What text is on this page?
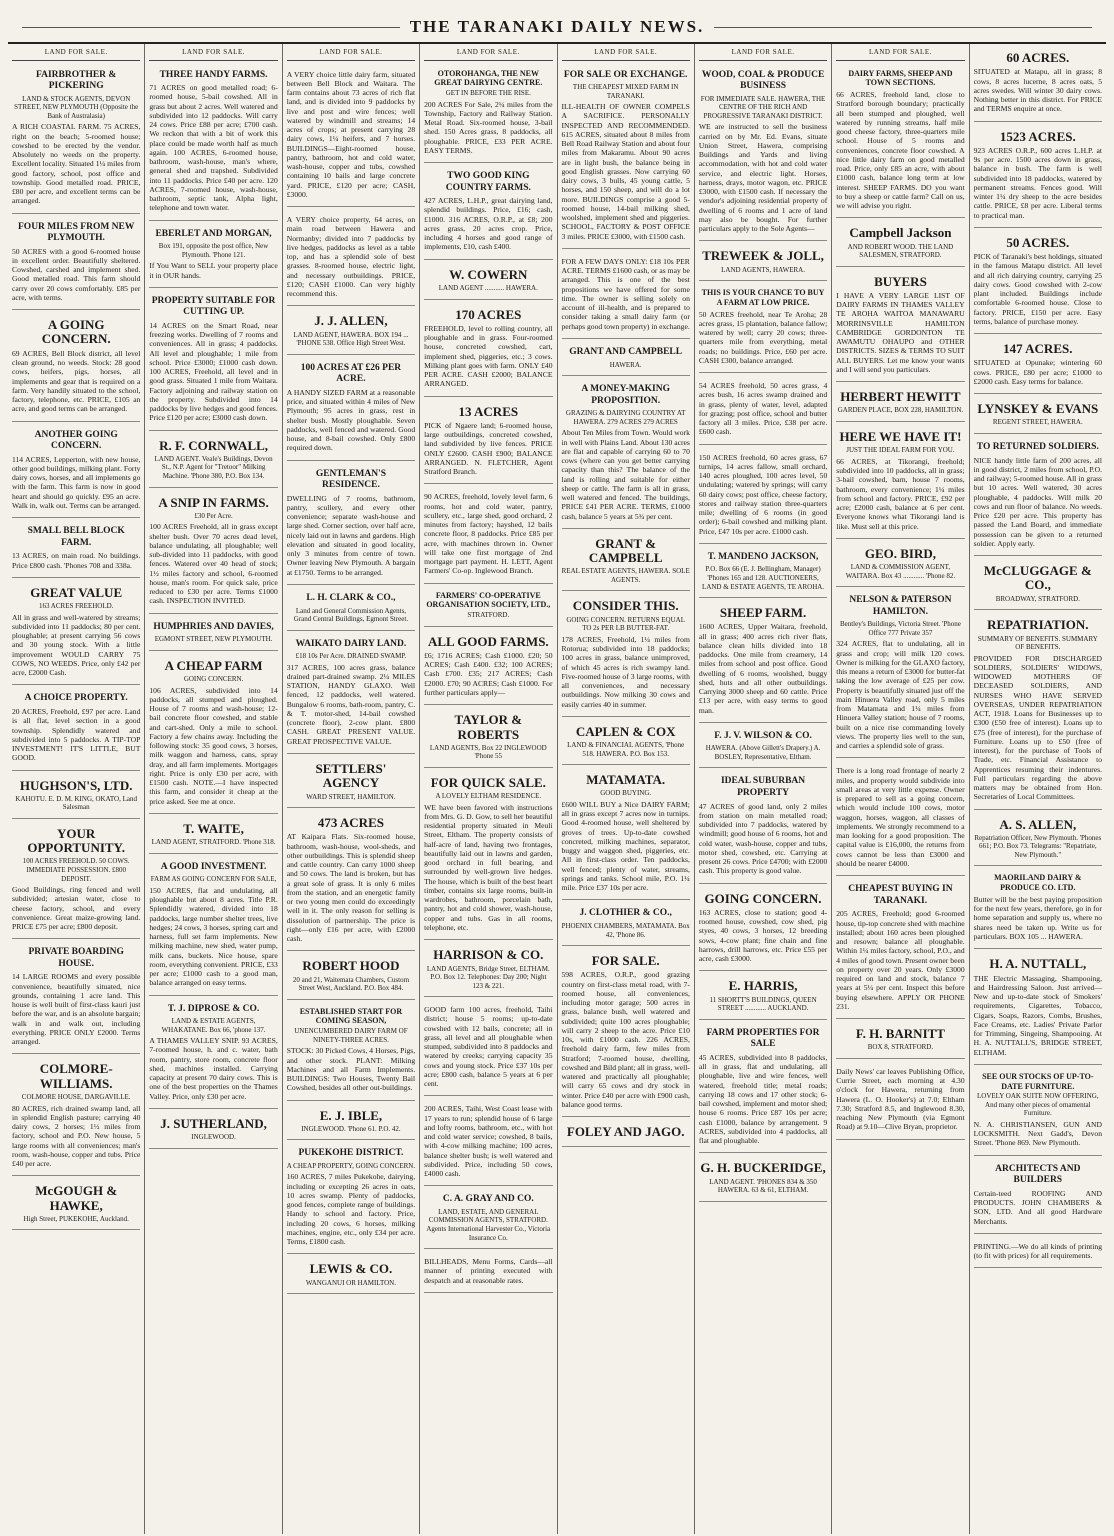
THE TARANAKI DAILY NEWS.
LAND FOR SALE.
FAIRBROTHER & PICKERING
LAND & STOCK AGENTS, DEVON STREET, NEW PLYMOUTH (Opposite the Bank of Australasia)
A RICH COASTAL FARM. 75 ACRES, right on the beach; 5-roomed house; cowshed to be erected by the vendor. Absolutely no weeds on the property. Excellent locality. Situated 1¼ miles from good factory, school, post office and township. Good metalled road. PRICE, £80 per acre, and excellent terms can be arranged.
FOUR MILES FROM NEW PLYMOUTH.
50 ACRES with a good 6-roomed house in excellent order. Beautifully sheltered. Cowshed, carshed and implement shed. Good metalled road. This farm should carry over 20 cows comfortably. £85 per acre, with terms.
A GOING CONCERN.
69 ACRES, Bell Block district, all level clean ground, no weeds. Stock: 28 good cows, heifers, pigs, horses, all implements and gear that is required on a farm. Very handily situated to the school, factory, telephone, etc. PRICE, £105 an acre, and good terms can be arranged.
ANOTHER GOING CONCERN.
114 ACRES, Lepperton, with new house, other good buildings, milking plant. Forty dairy cows, horses, and all implements go with the farm. This farm is now in good heart and should go quickly. £95 an acre. Walk in, walk out. Terms can be arranged.
SMALL BELL BLOCK FARM.
13 ACRES, on main road. No buildings. Price £800 cash. 'Phones 708 and 338a.
GREAT VALUE
163 ACRES FREEHOLD.
All in grass and well-watered by streams; subdivided into 11 paddocks; 80 per cent. ploughable; at present carrying 56 cows and 30 young stock. With a little improvement WOULD CARRY 75 COWS, NO WEEDS. Price, only £42 per acre, £2000 Cash.
A CHOICE PROPERTY.
20 ACRES, Freehold, £97 per acre. Land is all flat, level section in a good township. Splendidly watered and subdivided into 5 paddocks. A TIP-TOP INVESTMENT! IT'S LITTLE, BUT GOOD.
HUGHSON'S, LTD.
KAHOTU. E. D. M. KING, OKATO, Land Salesman
YOUR OPPORTUNITY.
100 ACRES FREEHOLD. 50 COWS. IMMEDIATE POSSESSION. £800 DEPOSIT.
Good Buildings, ring fenced and well subdivided; artesian water, close to cheese factory, school, and every convenience. Great maize-growing land. PRICE £75 per acre; £800 deposit.
PRIVATE BOARDING HOUSE.
14 LARGE ROOMS and every possible convenience, beautifully situated, nice grounds, containing 1 acre land. This house is well built of first-class kauri just before the war, and is an absolute bargain; walk in and walk out, including everything. PRICE ONLY £2000. Terms arranged.
COLMORE-WILLIAMS.
COLMORE HOUSE, DARGAVILLE.
80 ACRES, rich drained swamp land, all in splendid English pasture; carrying 40 dairy cows, 2 horses; 1½ miles from factory, school and P.O. New house, 5 large rooms with all conveniences; man's room, wash-house, copper and tubs. Price £40 per acre.
McGOUGH & HAWKE,
High Street, PUKEKOHE, Auckland.
LAND FOR SALE.
THREE HANDY FARMS.
71 ACRES on good metalled road; 6-roomed house, 5-bail cowshed. All in grass but about 2 acres. Well watered and subdivided into 12 paddocks. Will carry 24 cows. Price £88 per acre; £700 cash. We reckon that with a bit of work this place could be made worth half as much again. 100 ACRES, 6-roomed house, bathroom, wash-house, man's where, general shed and trapshed. Subdivided into 11 paddocks. Price £40 per acre. 120 ACRES, 7-roomed house, wash-house, bathroom, septic tank, Alpha light, telephone and town water.
EBERLET AND MORGAN,
Box 191, opposite the post office, New Plymouth. 'Phone 121.
If You Want to SELL your property place it in OUR hands.
PROPERTY SUITABLE FOR CUTTING UP.
14 ACRES on the Smart Road, near freezing works. Dwelling of 7 rooms and conveniences. All in grass; 4 paddocks. All level and ploughable; 1 mile from school. Price £3000; £1000 cash down. 100 ACRES, Freehold, all level and in good grass. Situated 1 mile from Waitara. Factory adjoining and railway station on the property. Subdivided into 14 paddocks by live hedges and good fences. Price £120 per acre; £3000 cash down.
R. F. CORNWALL,
LAND AGENT. Veale's Buildings, Devon St., N.P. Agent for "Tretoor" Milking Machine. 'Phone 380, P.O. Box 134.
A SNIP IN FARMS.
£30 Per Acre.
100 ACRES Freehold, all in grass except shelter bush. Over 70 acres dead level, balance undulating, all ploughable; well sub-divided into 11 paddocks, with good fences. Watered over 40 head of stock; 1½ miles factory and school, 6-roomed house, man's room. For quick sale, price reduced to £30 per acre. Terms £1000 cash. INSPECTION INVITED.
HUMPHRIES AND DAVIES,
EGMONT STREET, NEW PLYMOUTH.
A CHEAP FARM
GOING CONCERN.
106 ACRES, subdivided into 14 paddocks, all stumped and ploughed. House of 7 rooms and wash-house; 12-bail concrete floor cowshed, and stable and cart-shed. Only a mile to school. Factory a few chains away. Including the following stock: 35 good cows, 3 horses, milk waggon and harness, cans, spray dray, and all farm implements. Mortgages right. Price is only £30 per acre, with £1500 cash. NOTE.—I have inspected this farm, and consider it cheap at the price asked. See me at once.
T. WAITE,
LAND AGENT, STRATFORD. 'Phone 318.
A GOOD INVESTMENT.
FARM AS GOING CONCERN FOR SALE,
150 ACRES, flat and undulating, all ploughable but about 8 acres. Title P.R. Splendidly watered, divided into 18 paddocks, large number shelter trees, live hedges; 24 cows, 3 horses, spring cart and harness, full set farm implements. New milking machine, new shed, water pump, milk cans, buckets. Nice house, spare room, everything convenient. PRICE, £33 per acre; £1000 cash to a good man, balance arranged on easy terms.
T. J. DIPROSE & CO.
LAND & ESTATE AGENTS, WHAKATANE. Box 66, 'phone 137.
A THAMES VALLEY SNIP. 93 ACRES, 7-roomed house, h. and c. water, bath room, pantry, store room, concrete floor shed, machines installed. Carrying capacity at present 70 dairy cows. This is one of the best properties on the Thames Valley. Price, only £30 per acre.
J. SUTHERLAND,
INGLEWOOD.
LAND FOR SALE.
A VERY choice little dairy farm, situated between Bell Block and Waitara. The farm contains about 73 acres of rich flat land, and is divided into 9 paddocks by live and post and wire fences; well watered by windmill and streams; 14 acres of crops; at present carrying 28 dairy cows, 1¼ heifers, and 7 horses. BUILDINGS—Eight-roomed house, pantry, bathroom, hot and cold water, wash-house, copper and tubs, cowshed containing 10 bails and large concrete yard. PRICE, £120 per acre; CASH, £3000.
A VERY choice property, 64 acres, on main road between Hawera and Normanby; divided into 7 paddocks by live hedges, paddocks as level as a table top, and has a splendid sole of best grasses. 8-roomed house, electric light, and necessary outbuildings. PRICE, £120; CASH £1000. Can very highly recommend this.
J. J. ALLEN,
LAND AGENT, HAWERA. BOX 194 ... 'PHONE 538. Office High Street West.
100 ACRES AT £26 PER ACRE.
A HANDY SIZED FARM at a reasonable price, and situated within 4 miles of New Plymouth; 95 acres in grass, rest in shelter bush. Mostly ploughable. Seven paddocks, well fenced and watered. Good house, and 8-bail cowshed. Only £800 required down.
GENTLEMAN'S RESIDENCE.
DWELLING of 7 rooms, bathroom, pantry, scullery, and every other convenience; separate wash-house and large shed. Corner section, over half acre, nicely laid out in lawns and gardens. High elevation and situated in good locality, only 3 minutes from centre of town. Owner leaving New Plymouth. A bargain at £1750. Terms to be arranged.
L. H. CLARK & CO.,
Land and General Commission Agents, Grand Central Buildings, Egmont Street.
WAIKATO DAIRY LAND.
£18 10s Per Acre. DRAINED SWAMP.
317 ACRES, 100 acres grass, balance drained part-drained swamp. 2¼ MILES STATION, HANDY GLAXO. Well fenced, 12 paddocks, well watered. Bungalow 6 rooms, bath-room, pantry, C. & T. motor-shed, 14-bail cowshed (concrete floor), 2-cow plant. £800 CASH. GREAT PRESENT VALUE. GREAT PROSPECTIVE VALUE.
SETTLERS' AGENCY
WARD STREET, HAMILTON.
473 ACRES
AT Kaipara Flats. Six-roomed house, bathroom, wash-house, wool-sheds, and other outbuildings. This is splendid sheep and cattle country. Can carry 1000 sheep and 50 cows. The land is broken, but has a great sole of grass. It is only 6 miles from the station, and an energetic family or two young men could do exceedingly well in it. The only reason for selling is dissolution of partnership. The price is right—only £16 per acre, with £2000 cash.
ROBERT HOOD
20 and 21, Waitemata Chambers, Custom Street West, Auckland. P.O. Box 484.
ESTABLISHED START FOR COMING SEASON,
UNENCUMBERED DAIRY FARM OF NINETY-THREE ACRES.
STOCK: 30 Picked Cows, 4 Horses, Pigs, and other stock. PLANT: Milking Machines and all Farm Implements. BUILDINGS: Two Houses, Twenty Bail Cowshed, besides all other out-buildings.
E. J. IBLE,
INGLEWOOD. 'Phone 61. P.O. 42.
PUKEKOHE DISTRICT.
A CHEAP PROPERTY, GOING CONCERN.
160 ACRES, 7 miles Pukekohe, dairying, including or excepting 26 acres in oats, 10 acres swamp. Plenty of paddocks, good fences, complete range of buildings. Handy to school and factory. Price, including 20 cows, 6 horses, milking machines, engine, etc., only £34 per acre. Terms, £1800 cash.
LEWIS & CO.
WANGANUI OR HAMILTON.
LAND FOR SALE.
OTOROHANGA, THE NEW GREAT DAIRYING CENTRE.
GET IN BEFORE THE RISE.
200 ACRES For Sale, 2¼ miles from the Township, Factory and Railway Station. Metal Road. Six-roomed house, 3-bail shed. 150 Acres grass, 8 paddocks, all ploughable. PRICE, £33 PER ACRE. EASY TERMS.
TWO GOOD KING COUNTRY FARMS.
427 ACRES, L.H.P., great dairying land, splendid buildings. Price, £16; cash, £1000. 316 ACRES, O.R.P., at £8; 200 acres grass, 20 acres crop. Price, including 4 horses and good range of implements, £10, cash £400.
W. COWERN
LAND AGENT ........... HAWERA.
170 ACRES
FREEHOLD, level to rolling country, all ploughable and in grass. Four-roomed house, concreted cowshed, cart, implement shed, piggeries, etc.; 3 cows. Milking plant goes with farm. ONLY £40 PER ACRE. CASH £2000; BALANCE ARRANGED.
13 ACRES
PICK of Ngaere land; 6-roomed house, large outbuildings, concreted cowshed, land subdivided by live fences. PRICE ONLY £2600. CASH £900; BALANCE ARRANGED. N. FLETCHER, Agent Stratford Branch.
90 ACRES, freehold, lovely level farm, 6 rooms, hot and cold water, pantry, scullery, etc., large shed, good orchard, 2 minutes from factory; hayshed, 12 bails concrete floor, 8 paddocks. Price £85 per acre, with machines thrown in. Owner will take one first mortgage of 2nd mortgage part payment. H. LETT, Agent Farmers' Co-op. Inglewood Branch.
FARMERS' CO-OPERATIVE ORGANISATION SOCIETY, LTD.,
STRATFORD.
ALL GOOD FARMS.
£6; 1716 ACRES; Cash £1000. £20; 50 ACRES; Cash £400. £32; 100 ACRES; Cash £700. £35; 217 ACRES; Cash £2000. £70; 90 ACRES; Cash £1000. For further particulars apply—
TAYLOR & ROBERTS
LAND AGENTS, Box 22 INGLEWOOD 'Phone 55
FOR QUICK SALE.
A LOVELY ELTHAM RESIDENCE.
WE have been favored with instructions from Mrs. G. D. Gow, to sell her beautiful residential property situated in Meuli Street, Eltham. The property consists of half-acre of land, having two frontages, beautifully laid out in lawns and garden, good orchard in full bearing, and surrounded by well-grown live hedges. The house, which is built of the best heart timber, contains six large rooms, built-in wardrobes, bathroom, porcelain bath, pantry, hot and cold shower, wash-house, copper and tubs. Gas in all rooms, telephone, etc.
HARRISON & CO.
LAND AGENTS, Bridge Street, ELTHAM. P.O. Box 12. Telephones: Day 200; Night 123 & 221.
GOOD farm 100 acres, freehold, Taihi district; house 5 rooms; up-to-date cowshed with 12 bails, concrete; all in grass, all level and all ploughable when stumped, subdivided into 8 paddocks and watered by creeks; carrying capacity 35 cows and young stock. Price £37 10s per acre; £800 cash, balance 5 years at 6 per cent.
200 ACRES, Taihi, West Coast lease with 17 years to run; splendid house of 6 large and lofty rooms, bathroom, etc., with hot and cold water service; cowshed, 8 bails, with 4-cow milking machine; 100 acres, balance shelter bush; is well watered and subdivided. Price, including 50 cows, £4000 cash.
C. A. GRAY AND CO.
LAND, ESTATE, AND GENERAL COMMISSION AGENTS, STRATFORD. Agents International Harvester Co., Victoria Insurance Co.
BILLHEADS, Menu Forms, Cards—all manner of printing executed with despatch and at reasonable rates.
LAND FOR SALE.
FOR SALE OR EXCHANGE.
THE CHEAPEST MIXED FARM IN TARANAKI.
ILL-HEALTH OF OWNER COMPELS A SACRIFICE. PERSONALLY INSPECTED AND RECOMMENDED. 615 ACRES, situated about 8 miles from Bell Road Railway Station and about four miles from Makaramu. About 90 acres are in light bush, the balance being in good English grasses. Now carrying 60 dairy cows, 3 bulls, 45 young cattle, 5 horses, and 150 sheep, and will do a lot more. BUILDINGS comprise a good 5-roomed house, 14-bail milking shed, woolshed, implement shed and piggeries. SCHOOL, FACTORY & POST OFFICE 3 miles. PRICE £3000, with £1500 cash.
FOR A FEW DAYS ONLY: £18 10s PER ACRE. TERMS £1600 cash, or as may be arranged. This is one of the best propositions we have offered for some time. The owner is selling solely on account of ill-health, and is prepared to consider taking a small dairy farm (or perhaps good town property) in exchange.
GRANT AND CAMPBELL
HAWERA.
A MONEY-MAKING PROPOSITION.
GRAZING & DAIRYING COUNTRY AT HAWERA. 279 ACRES 279 ACRES
About Ten Miles from Town. Would work in well with Plains Land. About 130 acres are flat and capable of carrying 60 to 70 cows (where can you get better carrying capacity than this? The balance of the land is rolling and suitable for either sheep or cattle. The farm is all in grass, well watered and fenced. The buildings, PRICE £41 PER ACRE. TERMS, £1000 cash, balance 5 years at 5¾ per cent.
GRANT & CAMPBELL
REAL ESTATE AGENTS, HAWERA. SOLE AGENTS.
CONSIDER THIS.
GOING CONCERN. RETURNS EQUAL TO 2s PER LB BUTTER-FAT.
178 ACRES, Freehold, 1¼ miles from Rotorua; subdivided into 18 paddocks; 100 acres in grass, balance unimproved, of which 45 acres is rich swampy land. Five-roomed house of 3 large rooms, with all conveniences, and necessary outbuildings. Now milking 30 cows and easily carries 40 in summer.
CAPLEN & COX
LAND & FINANCIAL AGENTS, 'Phone 518. HAWERA. P.O. Box 153.
MATAMATA.
GOOD BUYING.
£600 WILL BUY a Nice DAIRY FARM; all in grass except 7 acres now in turnips. Good 4-roomed house, well sheltered by groves of trees. Up-to-date cowshed concreted, milking machines, separator, buggy and waggon shed, piggeries, etc. All in first-class order. Ten paddocks, well fenced; plenty of water, streams, springs and tanks. School mile, P.O. 1¼ mile. Price £37 10s per acre.
J. CLOTHIER & CO.,
PHOENIX CHAMBERS, MATAMATA. Box 42, 'Phone 86.
FOR SALE.
598 ACRES, O.R.P., good grazing country on first-class metal road, with 7-roomed house, all conveniences, including motor garage; 500 acres in grass, balance bush, well watered and subdivided; quite 100 acres ploughable; will carry 2 sheep to the acre. Price £10 10s, with £1000 cash. 226 ACRES, freehold dairy farm, few miles from Stratford; 7-roomed house, dwelling, cowshed and Bild plant; all in grass, well-watered and practically all ploughable; will carry 65 cows and dry stock in winter. Price £40 per acre with £900 cash, balance good terms.
FOLEY AND JAGO.
LAND FOR SALE.
WOOD, COAL & PRODUCE BUSINESS
FOR IMMEDIATE SALE. HAWERA, THE CENTRE OF THE RICH AND PROGRESSIVE TARANAKI DISTRICT.
WE are instructed to sell the business carried on by Mr. Ed. Evans, situate Union Street, Hawera, comprising Buildings and Yards and living accommodation, with hot and cold water service, and electric light. Horses, harness, drays, motor wagon, etc. PRICE £3000, with £1500 cash. If necessary the vendor's adjoining residential property of dwelling of 6 rooms and 1 acre of land may also be bought. For further particulars apply to the Sole Agents—
TREWEEK & JOLL,
LAND AGENTS, HAWERA.
THIS IS YOUR CHANCE TO BUY A FARM AT LOW PRICE.
50 ACRES freehold, near Te Aroha; 28 acres grass, 15 plantation, balance fallow; watered by well; carry 20 cows; three-quarters mile from everything, metal roads; no buildings. Price, £60 per acre. CASH £300, balance arranged.
54 ACRES freehold, 50 acres grass, 4 acres bush, 16 acres swamp drained and in grass, plenty of water, level, adapted for grazing; post office, school and butter factory all 3 miles. Price, £38 per acre. £600 cash.
150 ACRES freehold, 60 acres grass, 67 turnips, 14 acres fallow, small orchard, 140 acres ploughed, 100 acres level, 50 undulating; watered by springs; will carry 60 dairy cows; post office, cheese factory, stores and railway station three-quarters mile; dwelling of 6 rooms (in good order); 6-bail cowshed and milking plant. Price, £47 10s per acre. £1000 cash.
T. MANDENO JACKSON,
P.O. Box 66 (E. J. Bellingham, Manager) 'Phones 165 and 128. AUCTIONEERS, LAND & ESTATE AGENTS, TE AROHA.
SHEEP FARM.
1600 ACRES, Upper Waitara, freehold, all in grass; 400 acres rich river flats, balance clean hills divided into 18 paddocks. One mile from creamery, 14 miles from school and post office. Good dwelling of 6 rooms, woolshed, buggy shed, huts and all other outbuildings. Carrying 3000 sheep and 60 cattle. Price £13 per acre, with easy terms to good man.
F. J. V. WILSON & CO.
HAWERA. (Above Gillett's Drapery.) A. BOSLEY, Representative, Eltham.
IDEAL SUBURBAN PROPERTY
47 ACRES of good land, only 2 miles from station on main metalled road; subdivided into 7 paddocks, watered by windmill; good house of 6 rooms, hot and cold water, wash-house, copper and tubs, motor shed, cowshed, etc. Carrying at present 26 cows. Price £4700; with £2000 cash. This property is good value.
GOING CONCERN.
163 ACRES, close to station; good 4-roomed house, cowshed, cow shed, pig styes, 40 cows, 3 horses, 12 breeding sows, 4-cow plant; fine chain and fine harrows, drill harrows, etc. Price £55 per acre, cash £3000.
E. HARRIS,
11 SHORTT'S BUILDINGS, QUEEN STREET ............ AUCKLAND.
FARM PROPERTIES FOR SALE
45 ACRES, subdivided into 8 paddocks, all in grass, flat and undulating, all ploughable, live and wire fences, well watered, freehold title; metal roads; carrying 18 cows and 17 other stock; 6-bail cowshed, implement and motor shed; house 6 rooms. Price £87 10s per acre; cash £1000, balance by arrangement. 9 ACRES, subdivided into 4 paddocks, all flat and ploughable.
G. H. BUCKERIDGE,
LAND AGENT. 'PHONES 834 & 350 HAWERA. 63 & 61, ELTHAM.
LAND FOR SALE.
DAIRY FARMS, SHEEP AND TOWN SECTIONS.
66 ACRES, freehold land, close to Stratford borough boundary; practically all been stumped and ploughed, well watered by running streams, half mile good cheese factory, three-quarters mile school. House of 5 rooms and conveniences, concrete floor cowshed. A nice little dairy farm on good metalled road. Price, only £85 an acre, with about £1000 cash, balance long term at low interest. SHEEP FARMS. DO you want to buy a sheep or cattle farm? Call on us, we will advise you right.
Campbell Jackson
AND ROBERT WOOD. THE LAND SALESMEN, STRATFORD.
BUYERS
I HAVE A VERY LARGE LIST OF DAIRY FARMS IN THAMES VALLEY TE AROHA WAITOA MANAWARU MORRINSVILLE HAMILTON CAMBRIDGE GORDONTON TE AWAMUTU OHAUPO and OTHER DISTRICTS. SIZES & TERMS TO SUIT ALL BUYERS. Let me know your wants and I will send you particulars.
HERBERT HEWITT
GARDEN PLACE, BOX 228, HAMILTON.
HERE WE HAVE IT!
JUST THE IDEAL FARM FOR YOU.
66 ACRES, at Tikorangi, freehold; subdivided into 10 paddocks, all in grass; 3-bail cowshed, barn, house 7 rooms, bathroom, every convenience; 1¼ miles from school and factory. PRICE, £92 per acre; £2000 cash, balance at 6 per cent. Everyone knows what Tikorangi land is like. Must sell at this price.
GEO. BIRD,
LAND & COMMISSION AGENT, WAITARA. Box 43 ............ 'Phone 82.
NELSON & PATERSON HAMILTON.
Bentley's Buildings, Victoria Street. 'Phone Office 777 Private 357
324 ACRES, flat to undulating, all in grass and crop; will milk 120 cows. Owner is milking for the GLAXO factory, this means a return of £3000 for butter-fat taking the low average of £25 per cow. Property is beautifully situated just off the main Hinuera Valley road, only 5 miles from Matamata and 1¼ miles from Hinuera Valley station; house of 7 rooms, built on a nice rise commanding lovely views. The property lies well to the sun, and carries a splendid sole of grass.
There is a long road frontage of nearly 2 miles, and property would subdivide into small areas at very little expense. Owner is prepared to sell as a going concern, which would include 100 cows, motor waggon, horses, waggon, all classes of implements. We strongly recommend to a man looking for a good proposition. The capital value is £16,000, the returns from cows cannot be less than £3000 and should be nearer £4000.
CHEAPEST BUYING IN TARANAKI.
205 ACRES, Freehold; good 6-roomed house, tip-top concrete shed with machine installed; about 160 acres been ploughed and resown; balance all ploughable. Within 1¼ miles factory, school, P.O., and 4 miles of good town. Present owner been on property over 20 years. Only £3000 required on land and stock, balance 7 years at 5¼ per cent. Inspect this before buying elsewhere. APPLY OR PHONE 231.
F. H. BARNITT
BOX 8, STRATFORD.
Daily News' car leaves Publishing Office, Currie Street, each morning at 4.30 o'clock for Hawera, returning from Hawera (L. O. Hooker's) at 7.0; Eltham 7.30; Stratford 8.5, and Inglewood 8.30, reaching New Plymouth (via Egmont Road) at 9.10—Clive Bryan, proprietor.
60 ACRES.
SITUATED at Matapu, all in grass; 8 cows, 8 acres lucerne, 8 acres oats, 5 acres swedes. Will winter 30 dairy cows. Nothing better in this district. For PRICE and TERMS enquire at once.
1523 ACRES.
923 ACRES O.R.P., 600 acres L.H.P. at 9s per acre. 1500 acres down in grass, balance in bush. The farm is well subdivided into 18 paddocks, watered by permanent streams. Fences good. Will winter 1¼ dry sheep to the acre besides cattle. PRICE, £8 per acre. Liberal terms to practical man.
50 ACRES.
PICK of Taranaki's best holdings, situated in the famous Matapu district. All level and all rich dairying country, carrying 25 dairy cows. Good cowshed with 2-cow plant included. Buildings include comfortable 6-roomed house. Close to factory. PRICE, £150 per acre. Easy terms, balance of purchase money.
147 ACRES.
SITUATED at Opunake; wintering 60 cows. PRICE, £80 per acre; £1000 to £2000 cash. Easy terms for balance.
LYNSKEY & EVANS
REGENT STREET, HAWERA.
TO RETURNED SOLDIERS.
NICE handy little farm of 200 acres, all in good district, 2 miles from school, P.O. and railway; 5-roomed house. All in grass but 10 acres. Well watered, 30 acres ploughable, 4 paddocks. Will milk 20 cows and run floor of balance. No weeds. Price £20 per acre. This property has passed the Land Board, and immediate possession can be given to a returned soldier. Apply early.
McCLUGGAGE & CO.,
BROADWAY, STRATFORD.
REPATRIATION.
SUMMARY OF BENEFITS. SUMMARY OF BENEFITS.
PROVIDED FOR DISCHARGED SOLDIERS, SOLDIERS' WIDOWS, WIDOWED MOTHERS OF DECEASED SOLDIERS, AND NURSES WHO HAVE SERVED OVERSEAS, UNDER REPATRIATION ACT, 1918. Loans for Businesses up to £300 (£50 free of interest). Loans up to £75 (free of interest), for the purchase of Furniture. Loans up to £50 (free of interest), for the purchase of Tools of Trade, etc. Financial Assistance to Apprentices resuming their indentures. Full particulars regarding the above matters may be obtained from Hon. Secretaries of Local Committees.
A. S. ALLEN,
Repatriation Officer, New Plymouth. 'Phones 661; P.O. Box 73. Telegrams: "Repatriate, New Plymouth."
MAORILAND DAIRY & PRODUCE CO. LTD.
Butter will be the best paying proposition for the next few years, therefore, go in for home separation and supply us, where no shares need be taken up. Write us for particulars. BOX 105 ... HAWERA.
H. A. NUTTALL,
THE Electric Massaging, Shampooing, and Hairdressing Saloon. Just arrived—New and up-to-date stock of Smokers' requirements, Cigarettes, Tobacco, Cigars, Soaps, Razors, Combs, Brushes, Face Creams, etc. Ladies' Private Parlor for Trimming, Singeing, Shampooing. At H. A. NUTTALL'S, BRIDGE STREET, ELTHAM.
SEE OUR STOCKS OF UP-TO-DATE FURNITURE.
LOVELY OAK SUITE NOW OFFERING, And many other pieces of ornamental Furniture.
N. A. CHRISTIANSEN, GUN AND LOCKSMITH. Next Gadd's, Devon Street. 'Phone 869. New Plymouth.
ARCHITECTS AND BUILDERS
Certain-teed ROOFING AND PRODUCTS. JOHN CHAMBERS & SON, LTD. And all good Hardware Merchants.
PRINTING.—We do all kinds of printing (to fit with prices) for all requirements.
